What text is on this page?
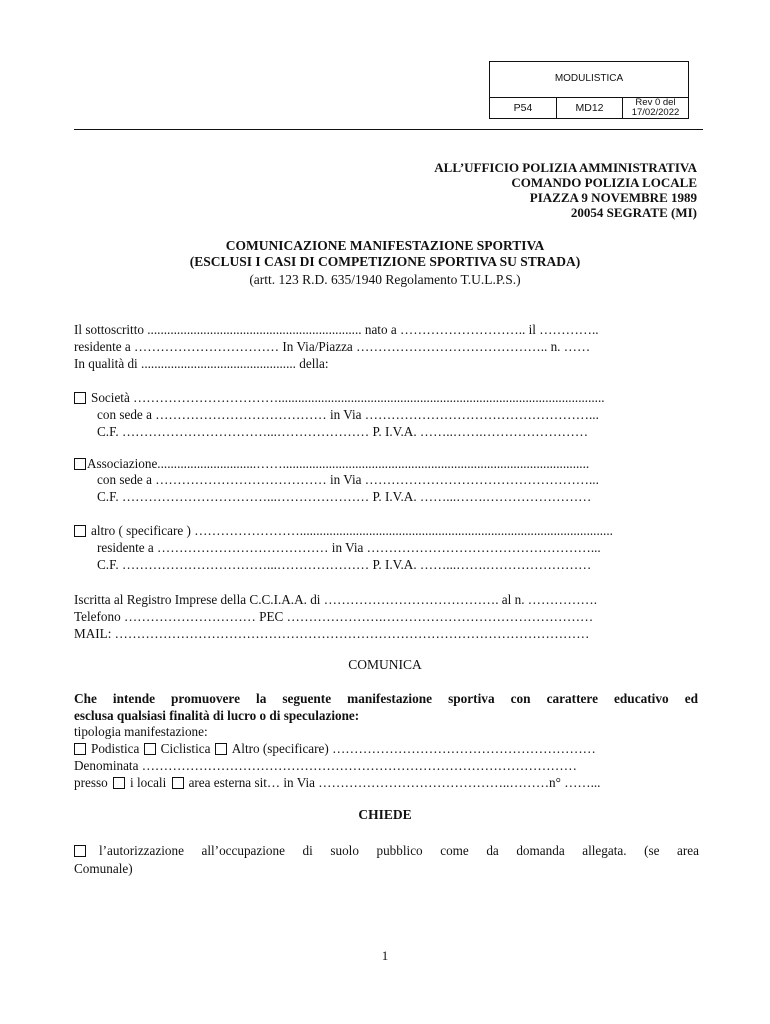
MODULISTICA
P54	MD12	Rev 0 del
17/02/2022
ALL’UFFICIO POLIZIA AMMINISTRATIVA
COMANDO POLIZIA LOCALE
PIAZZA 9 NOVEMBRE 1989
20054 SEGRATE (MI)
COMUNICAZIONE MANIFESTAZIONE SPORTIVA
(ESCLUSI I CASI DI COMPETIZIONE SPORTIVA SU STRADA)
(artt. 123 R.D. 635/1940 Regolamento T.U.L.P.S.)
Il sottoscritto ................................................................. nato a ……………………….. il …………..
residente a …………………………… In Via/Piazza …………………………………….. n. ……
In qualità di ............................................... della:
Società ……………………………...................................................................................................
con sede a ………………………………… in Via ……………………………………………...
C.F. ……………………………...………………… P. I.V.A. ……..…….……………………
Associazione..............................…….............................................................................................
con sede a ………………………………… in Via ……………………………………………...
C.F. ……………………………...………………… P. I.V.A. ……...…….……………………
altro ( specificare ) ……………………...............................................................................................
residente a ………………………………… in Via ……………………………………………...
C.F. ……………………………...………………… P. I.V.A. ……...…….……………………
Iscritta al Registro Imprese della C.C.I.A.A. di …………………………………. al n. …………….
Telefono ………………………… PEC ………………….…………………………………………
MAIL: ………………………………………………………………………………………………
COMUNICA
Che intende promuovere la seguente manifestazione sportiva con carattere educativo ed
esclusa qualsiasi finalità di lucro o di speculazione:
tipologia manifestazione:
Podistica Ciclistica Altro (specificare) ……………………………………………………
Denominata ………………………………………………………………………………………
presso i locali area esterna sit… in Via ……………………………………..………n° ……...
CHIEDE
l’autorizzazione all’occupazione di suolo pubblico come da domanda allegata. (se area
Comunale)
1
